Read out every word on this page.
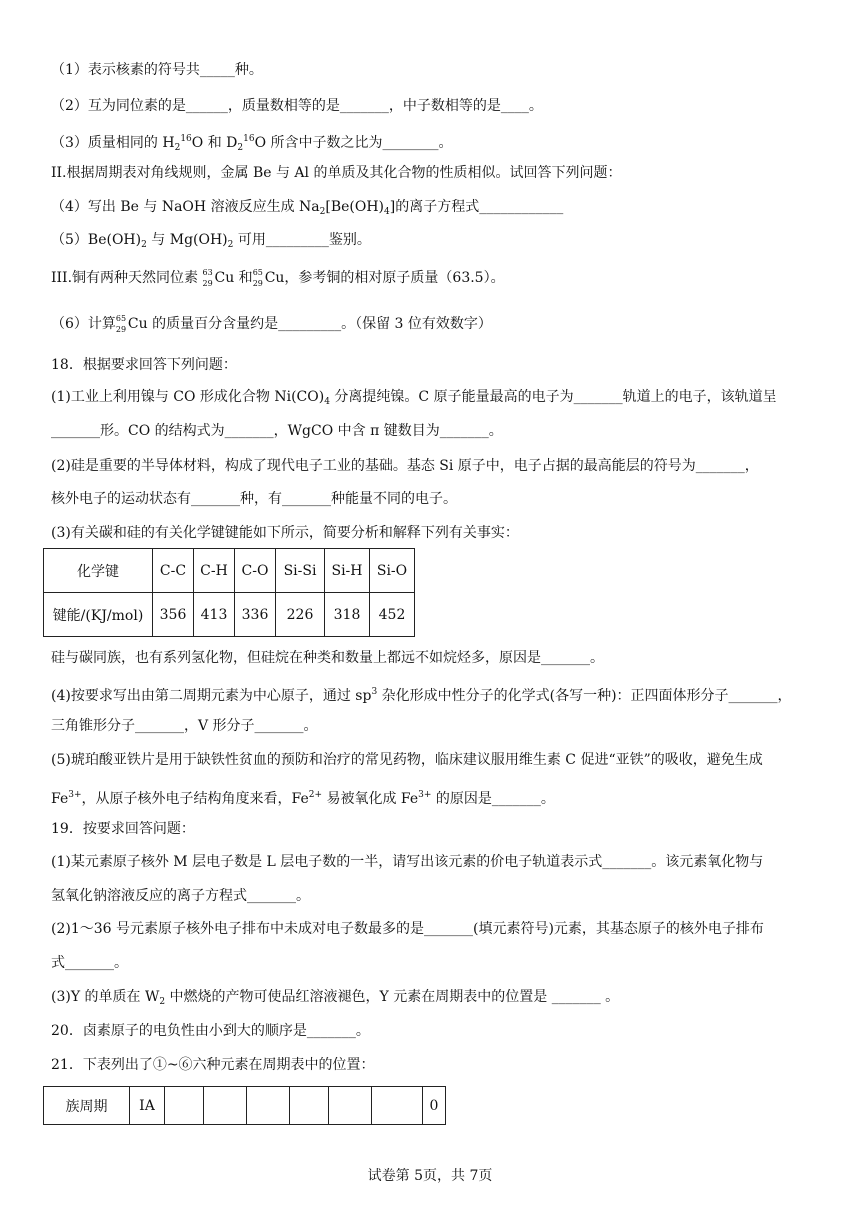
（1）表示核素的符号共_____种。
（2）互为同位素的是______，质量数相等的是_______，中子数相等的是____。
（3）质量相同的 $H_2^{16}O$ 和 $D_2^{16}O$ 所含中子数之比为________。
II.根据周期表对角线规则，金属 Be 与 Al 的单质及其化合物的性质相似。试回答下列问题：
（4）写出 Be 与 NaOH 溶液反应生成 $Na_2[Be(OH)_4]$的离子方程式____________
$(5)Be(OH)_2$ 与 $Mg(OH)_2$ 可用_________鉴别。
III.铜有两种天然同位素 63
29 Cu 和 65
29 Cu，参考铜的相对原子质量（63.5）。
（6）计算 65
29 Cu 的质量百分含量约是_________。（保留 3 位有效数字）
18．根据要求回答下列问题：
(1)工业上利用镍与 CO 形成化合物 $Ni(CO)_4$ 分离提纯镍。C 原子能量最高的电子为_______轨道上的电子，该轨道呈
_______形。CO 的结构式为_______，WgCO 中含 π 键数目为_______。
(2)硅是重要的半导体材料，构成了现代电子工业的基础。基态 Si 原子中，电子占据的最高能层的符号为_______，
核外电子的运动状态有_______种，有_______种能量不同的电子。
(3)有关碳和硅的有关化学键键能如下所示，简要分析和解释下列有关事实：
化学键	C-C	C-H	C-O	Si-Si	Si-H	Si-O
键能/(KJ/mol)	356	413	336	226	318	452
硅与碳同族，也有系列氢化物，但硅烷在种类和数量上都远不如烷烃多，原因是_______。
(4)按要求写出由第二周期元素为中心原子，通过 $sp^3$ 杂化形成中性分子的化学式(各写一种)：正四面体形分子_______，
三角锥形分子_______，V 形分子_______。
(5)琥珀酸亚铁片是用于缺铁性贫血的预防和治疗的常见药物，临床建议服用维生素 C 促进“亚铁”的吸收，避免生成
$Fe^{3+}$，从原子核外电子结构角度来看，$Fe^{2+}$ 易被氧化成 $Fe^{3+}$ 的原因是_______。
19．按要求回答问题：
(1)某元素原子核外 M 层电子数是 L 层电子数的一半，请写出该元素的价电子轨道表示式_______。该元素氧化物与
氢氧化钠溶液反应的离子方程式_______。
(2)1～36 号元素原子核外电子排布中未成对电子数最多的是_______(填元素符号)元素，其基态原子的核外电子排布
式_______。
(3)Y 的单质在 $W_2$ 中燃烧的产物可使品红溶液褪色，Y 元素在周期表中的位置是 _______ 。
20．卤素原子的电负性由小到大的顺序是_______。
21．下表列出了①~⑥六种元素在周期表中的位置：
族周期	IA							0
试卷第 5页，共 7页
